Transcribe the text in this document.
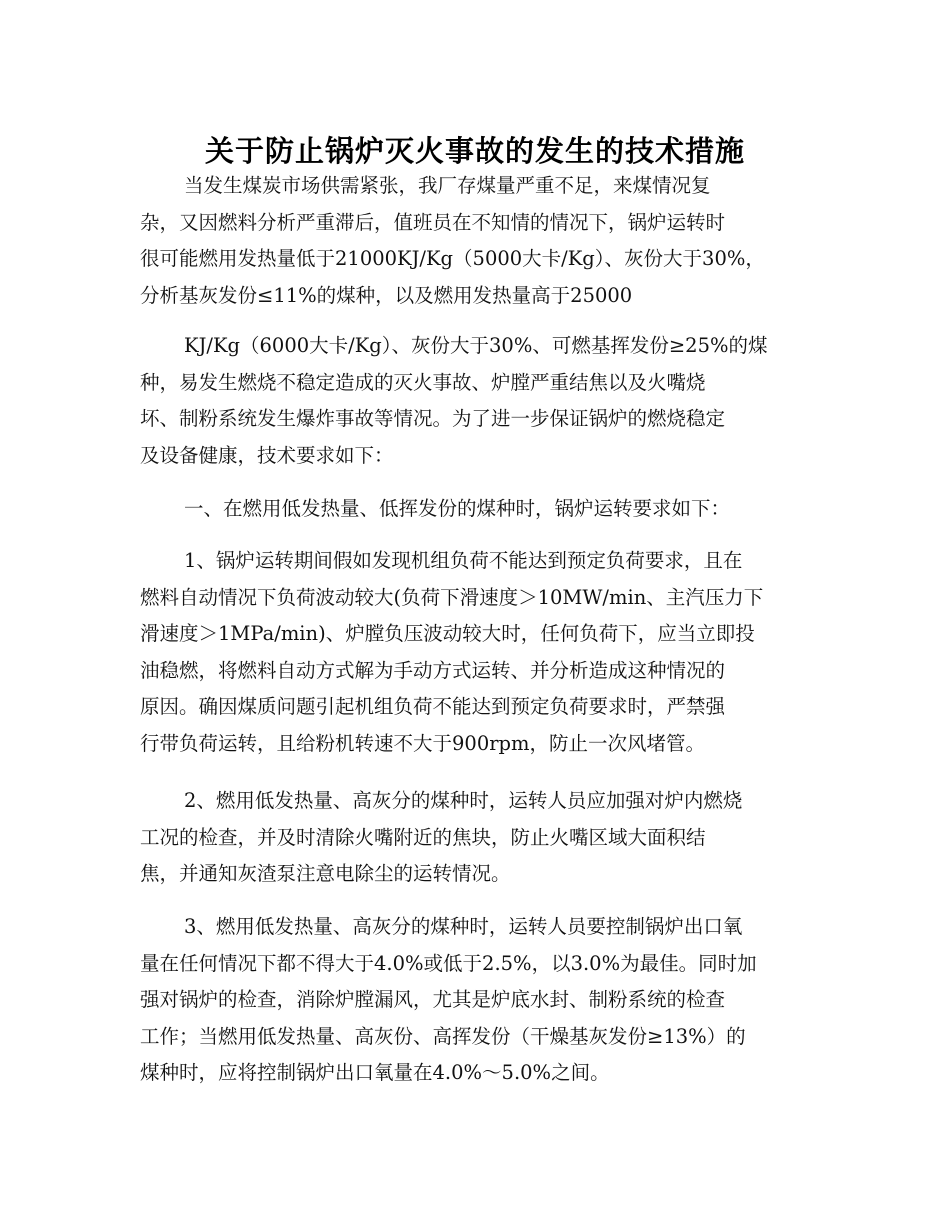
关于防止锅炉灭火事故的发生的技术措施
当发生煤炭市场供需紧张，我厂存煤量严重不足，来煤情况复
杂，又因燃料分析严重滞后，值班员在不知情的情况下，锅炉运转时
很可能燃用发热量低于21000KJ/Kg（5000大卡/Kg）、灰份大于30%，
分析基灰发份≤11%的煤种，以及燃用发热量高于25000
KJ/Kg（6000大卡/Kg）、灰份大于30%、可燃基挥发份≥25%的煤
种，易发生燃烧不稳定造成的灭火事故、炉膛严重结焦以及火嘴烧
坏、制粉系统发生爆炸事故等情况。为了进一步保证锅炉的燃烧稳定
及设备健康，技术要求如下：
一、在燃用低发热量、低挥发份的煤种时，锅炉运转要求如下：
1、锅炉运转期间假如发现机组负荷不能达到预定负荷要求，且在
燃料自动情况下负荷波动较大(负荷下滑速度＞10MW/min、主汽压力下
滑速度＞1MPa/min)、炉膛负压波动较大时，任何负荷下，应当立即投
油稳燃，将燃料自动方式解为手动方式运转、并分析造成这种情况的
原因。确因煤质问题引起机组负荷不能达到预定负荷要求时，严禁强
行带负荷运转，且给粉机转速不大于900rpm，防止一次风堵管。
2、燃用低发热量、高灰分的煤种时，运转人员应加强对炉内燃烧
工况的检查，并及时清除火嘴附近的焦块，防止火嘴区域大面积结
焦，并通知灰渣泵注意电除尘的运转情况。
3、燃用低发热量、高灰分的煤种时，运转人员要控制锅炉出口氧
量在任何情况下都不得大于4.0%或低于2.5%，以3.0%为最佳。同时加
强对锅炉的检查，消除炉膛漏风，尤其是炉底水封、制粉系统的检查
工作；当燃用低发热量、高灰份、高挥发份（干燥基灰发份≥13%）的
煤种时，应将控制锅炉出口氧量在4.0%～5.0%之间。
